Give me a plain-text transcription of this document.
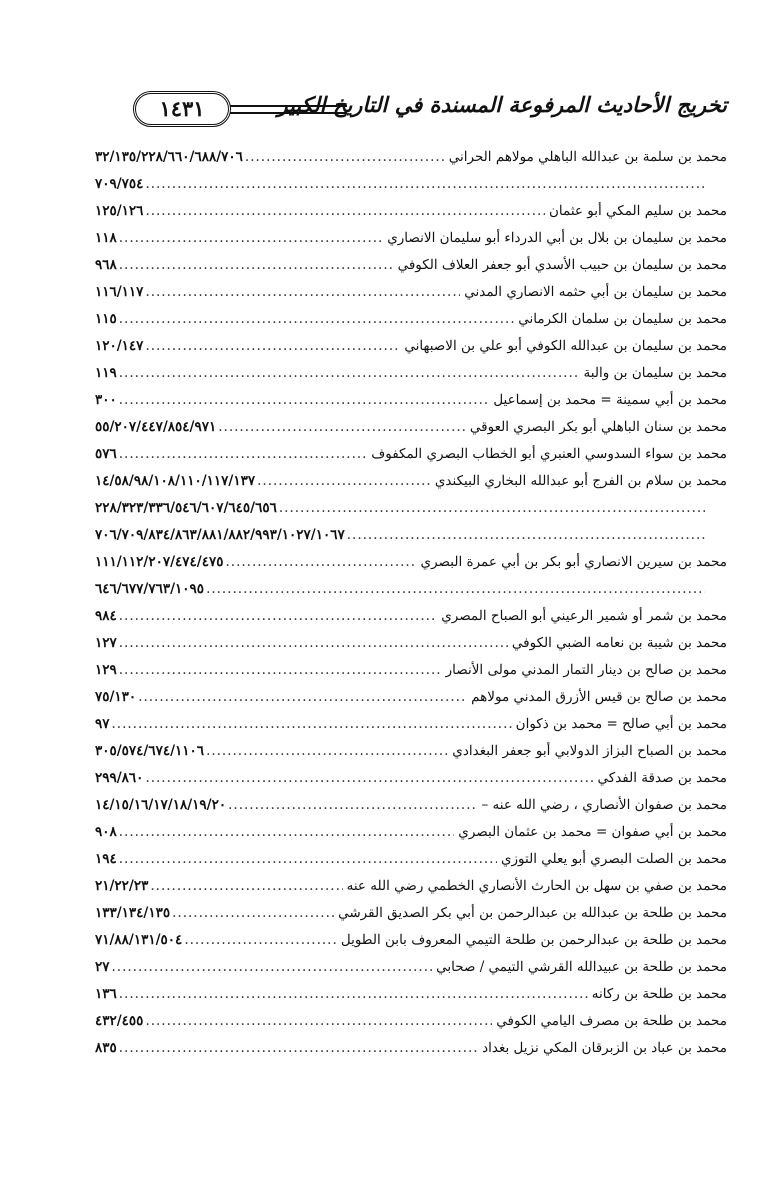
تخريج الأحاديث المرفوعة المسندة في التاريخ الكبير
١٤٣١
محمد بن سلمة بن عبدالله الباهلي مولاهم الحراني
.....
٣٢/١٣٥/٢٢٨/٦٦٠/٦٨٨/٧٠٦
.....
٧٠٩/٧٥٤
محمد بن سليم المكي أبو عثمان
.....
١٢٥/١٢٦
محمد بن سليمان بن بلال بن أبي الدرداء أبو سليمان الانصاري
.....
١١٨
محمد بن سليمان بن حبيب الأسدي أبو جعفر العلاف الكوفي
.....
٩٦٨
محمد بن سليمان بن أبي حثمه الانصاري المدني
.....
١١٦/١١٧
محمد بن سليمان بن سلمان الكرماني
.....
١١٥
محمد بن سليمان بن عبدالله الكوفي أبو علي بن الاصبهاني
.....
١٢٠/١٤٧
محمد بن سليمان بن والبة
.....
١١٩
محمد بن أبي سمينة = محمد بن إسماعيل
.....
٣٠٠
محمد بن سنان الباهلي أبو بكر البصري العوقي
.....
٥٥/٢٠٧/٤٤٧/٨٥٤/٩٧١
محمد بن سواء السدوسي العنبري أبو الخطاب البصري المكفوف
.....
٥٧٦
محمد بن سلام بن الفرج أبو عبدالله البخاري البيكندي
.....
١٤/٥٨/٩٨/١٠٨/١١٠/١١٧/١٣٧
.....
٢٢٨/٣٢٣/٣٣٦/٥٤٦/٦٠٧/٦٤٥/٦٥٦
.....
٧٠٦/٧٠٩/٨٣٤/٨٦٣/٨٨١/٨٨٢/٩٩٣/١٠٢٧/١٠٦٧
محمد بن سيرين الانصاري أبو بكر بن أبي عمرة البصري
.....
١١١/١١٢/٢٠٧/٤٧٤/٤٧٥
.....
٦٤٦/٦٧٧/٧٦٣/١٠٩٥
محمد بن شمر أو شمير الرعيني أبو الصباح المصري
.....
٩٨٤
محمد بن شيبة بن نعامه الضبي الكوفي
.....
١٢٧
محمد بن صالح بن دينار التمار المدني مولى الأنصار
.....
١٢٩
محمد بن صالح بن قيس الأزرق المدني مولاهم
.....
٧٥/١٣٠
محمد بن أبي صالح = محمد بن ذكوان
.....
٩٧
محمد بن الصباح البزاز الدولابي أبو جعفر البغدادي
.....
٣٠٥/٥٧٤/٦٧٤/١١٠٦
محمد بن صدقة الفدكي
.....
٢٩٩/٨٦٠
محمد بن صفوان الأنصاري ، رضي الله عنه –
.....
١٤/١٥/١٦/١٧/١٨/١٩/٢٠
محمد بن أبي صفوان = محمد بن عثمان البصري
.....
٩٠٨
محمد بن الصلت البصري أبو يعلي التوزي
.....
١٩٤
محمد بن صفي بن سهل بن الحارث الأنصاري الخطمي رضي الله عنه
.....
٢١/٢٢/٢٣
محمد بن طلحة بن عبدالله بن عبدالرحمن بن أبي بكر الصديق القرشي
.....
١٣٣/١٣٤/١٣٥
محمد بن طلحة بن عبدالرحمن بن طلحة التيمي المعروف بابن الطويل
.....
٧١/٨٨/١٣١/٥٠٤
محمد بن طلحة بن عبيدالله القرشي التيمي / صحابي
.....
٢٧
محمد بن طلحة بن ركانه
.....
١٣٦
محمد بن طلحة بن مصرف اليامي الكوفي
.....
٤٣٢/٤٥٥
محمد بن عباد بن الزبرقان المكي نزيل بغداد
.....
٨٣٥
